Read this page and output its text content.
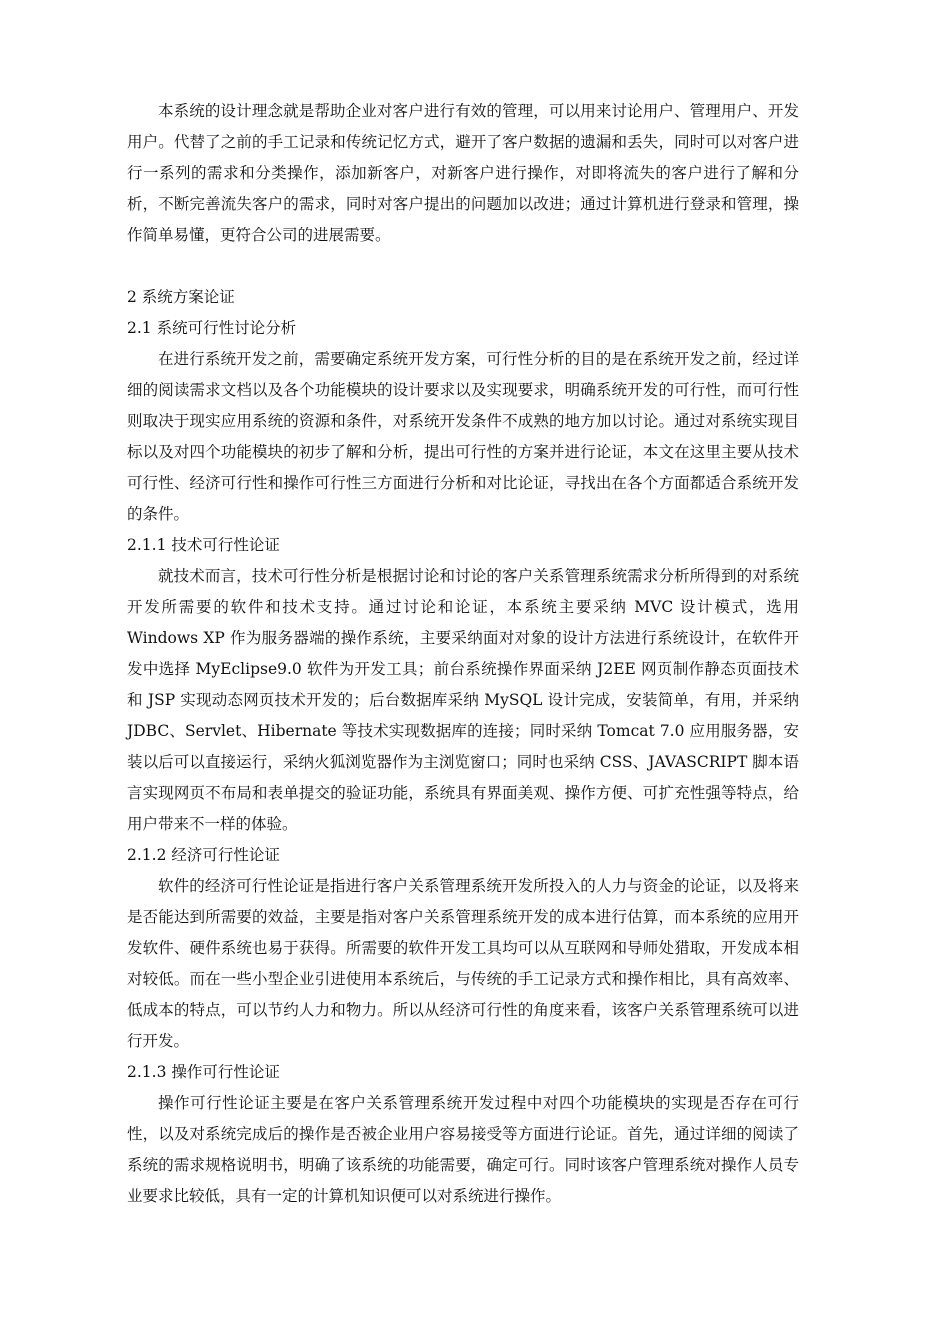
本系统的设计理念就是帮助企业对客户进行有效的管理，可以用来讨论用户、管理用户、开发用户。代替了之前的手工记录和传统记忆方式，避开了客户数据的遗漏和丢失，同时可以对客户进行一系列的需求和分类操作，添加新客户，对新客户进行操作，对即将流失的客户进行了解和分析，不断完善流失客户的需求，同时对客户提出的问题加以改进；通过计算机进行登录和管理，操作简单易懂，更符合公司的进展需要。

2 系统方案论证
2.1 系统可行性讨论分析

在进行系统开发之前，需要确定系统开发方案，可行性分析的目的是在系统开发之前，经过详细的阅读需求文档以及各个功能模块的设计要求以及实现要求，明确系统开发的可行性，而可行性则取决于现实应用系统的资源和条件，对系统开发条件不成熟的地方加以讨论。通过对系统实现目标以及对四个功能模块的初步了解和分析，提出可行性的方案并进行论证，本文在这里主要从技术可行性、经济可行性和操作可行性三方面进行分析和对比论证，寻找出在各个方面都适合系统开发的条件。

2.1.1 技术可行性论证

就技术而言，技术可行性分析是根据讨论和讨论的客户关系管理系统需求分析所得到的对系统开发所需要的软件和技术支持。通过讨论和论证，本系统主要采纳 MVC 设计模式，选用 Windows XP 作为服务器端的操作系统，主要采纳面对对象的设计方法进行系统设计，在软件开发中选择 MyEclipse9.0 软件为开发工具；前台系统操作界面采纳 J2EE 网页制作静态页面技术和 JSP 实现动态网页技术开发的；后台数据库采纳 MySQL 设计完成，安装简单，有用，并采纳 JDBC、Servlet、Hibernate 等技术实现数据库的连接；同时采纳 Tomcat 7.0 应用服务器，安装以后可以直接运行，采纳火狐浏览器作为主浏览窗口；同时也采纳 CSS、JAVASCRIPT 脚本语言实现网页不布局和表单提交的验证功能，系统具有界面美观、操作方便、可扩充性强等特点，给用户带来不一样的体验。

2.1.2 经济可行性论证

软件的经济可行性论证是指进行客户关系管理系统开发所投入的人力与资金的论证，以及将来是否能达到所需要的效益，主要是指对客户关系管理系统开发的成本进行估算，而本系统的应用开发软件、硬件系统也易于获得。所需要的软件开发工具均可以从互联网和导师处猎取，开发成本相对较低。而在一些小型企业引进使用本系统后，与传统的手工记录方式和操作相比，具有高效率、低成本的特点，可以节约人力和物力。所以从经济可行性的角度来看，该客户关系管理系统可以进行开发。

2.1.3 操作可行性论证

操作可行性论证主要是在客户关系管理系统开发过程中对四个功能模块的实现是否存在可行性，以及对系统完成后的操作是否被企业用户容易接受等方面进行论证。首先，通过详细的阅读了系统的需求规格说明书，明确了该系统的功能需要，确定可行。同时该客户管理系统对操作人员专业要求比较低，具有一定的计算机知识便可以对系统进行操作。
